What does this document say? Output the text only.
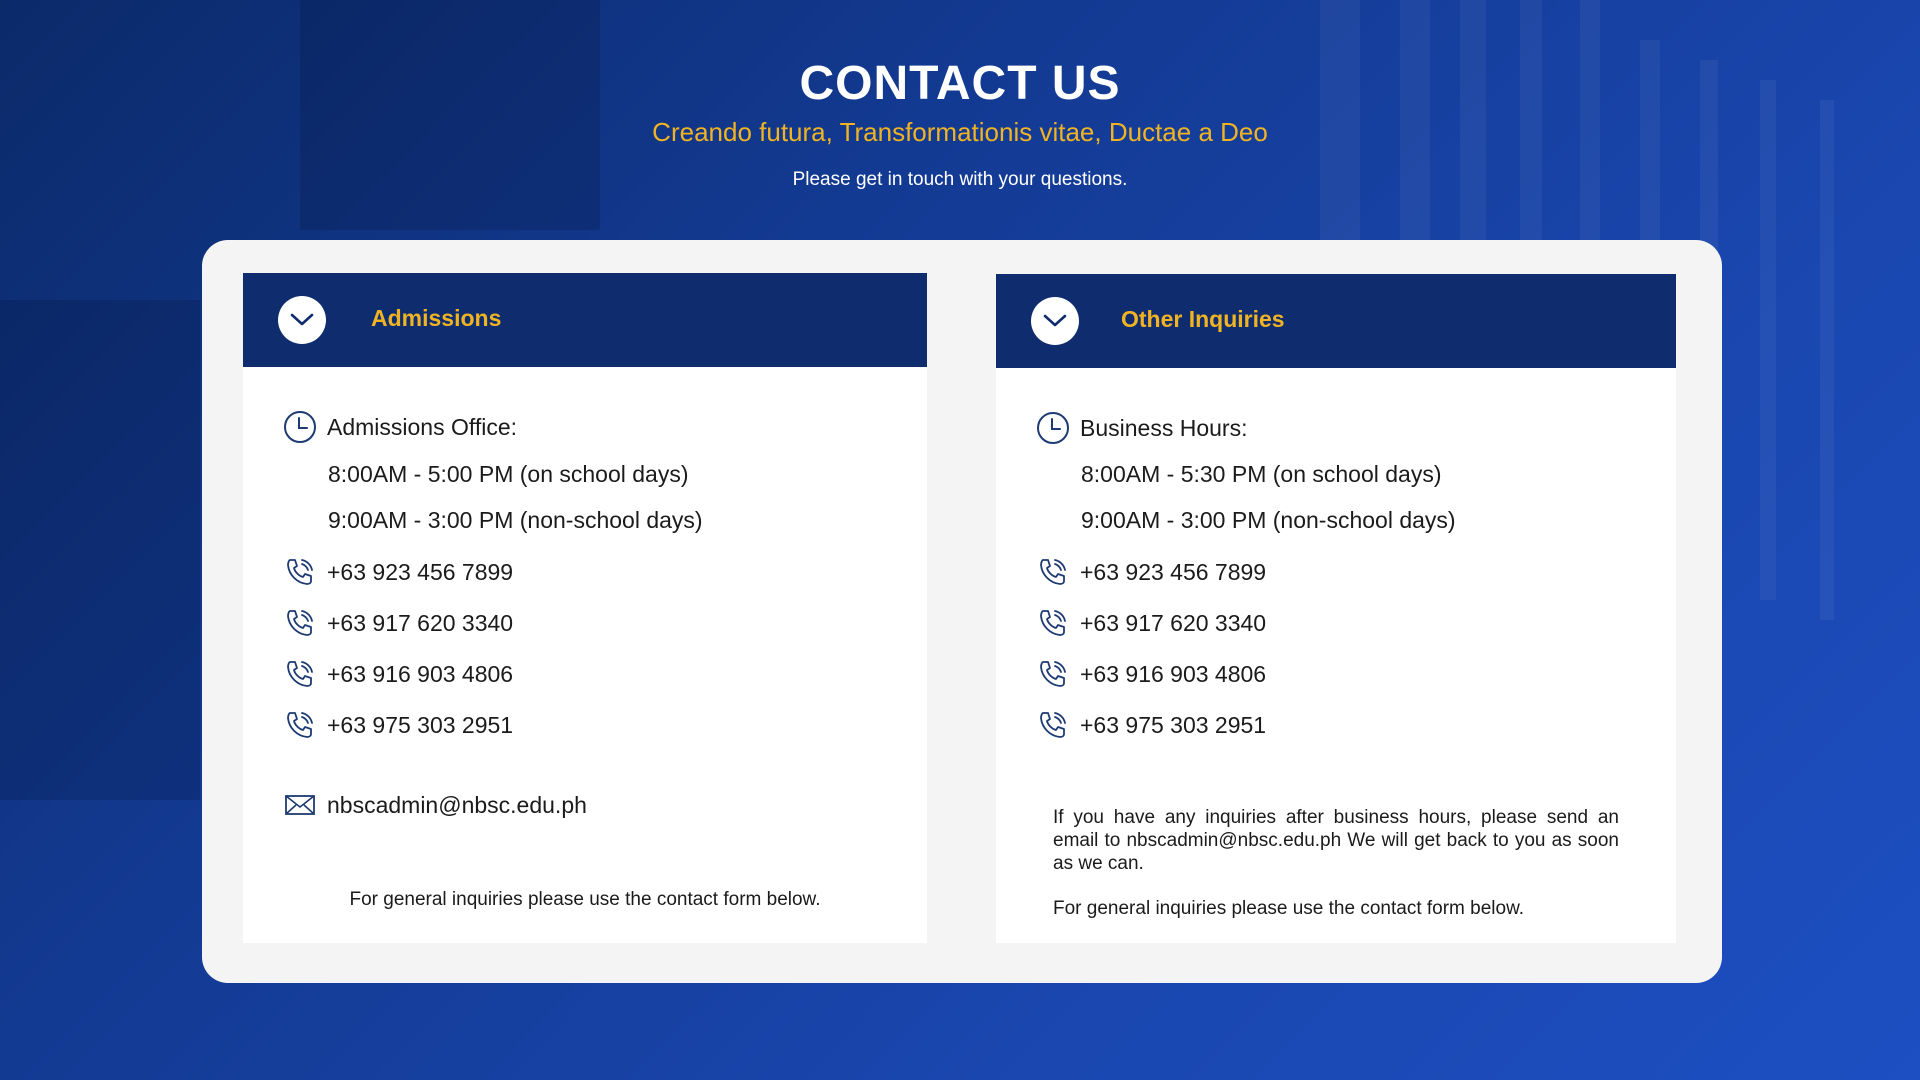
CONTACT US
Creando futura, Transformationis vitae, Ductae a Deo
Please get in touch with your questions.
Admissions
Admissions Office:
8:00AM - 5:00 PM (on school days)
9:00AM - 3:00 PM (non-school days)
+63 923 456 7899
+63 917 620 3340
+63 916 903 4806
+63 975 303 2951
nbscadmin@nbsc.edu.ph
For general inquiries please use the contact form below.
Other Inquiries
Business Hours:
8:00AM - 5:30 PM (on school days)
9:00AM - 3:00 PM (non-school days)
+63 923 456 7899
+63 917 620 3340
+63 916 903 4806
+63 975 303 2951
If you have any inquiries after business hours, please send an email to nbscadmin@nbsc.edu.ph We will get back to you as soon as we can.
For general inquiries please use the contact form below.
